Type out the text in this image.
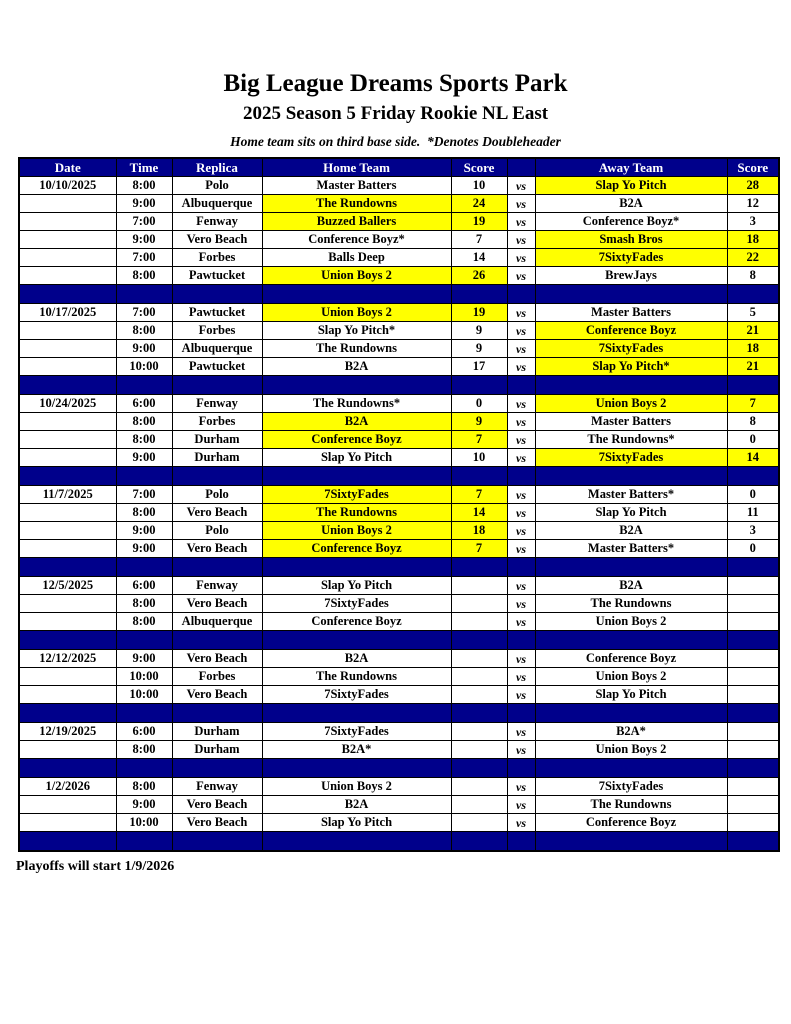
Big League Dreams Sports Park
2025 Season 5 Friday Rookie NL East
Home team sits on third base side.  *Denotes Doubleheader
Date	Time	Replica	Home Team	Score		Away Team	Score
10/10/2025	8:00	Polo	Master Batters	10	vs	Slap Yo Pitch	28
	9:00	Albuquerque	The Rundowns	24	vs	B2A	12
	7:00	Fenway	Buzzed Ballers	19	vs	Conference Boyz*	3
	9:00	Vero Beach	Conference Boyz*	7	vs	Smash Bros	18
	7:00	Forbes	Balls Deep	14	vs	7SixtyFades	22
	8:00	Pawtucket	Union Boys 2	26	vs	BrewJays	8

10/17/2025	7:00	Pawtucket	Union Boys 2	19	vs	Master Batters	5
	8:00	Forbes	Slap Yo Pitch*	9	vs	Conference Boyz	21
	9:00	Albuquerque	The Rundowns	9	vs	7SixtyFades	18
	10:00	Pawtucket	B2A	17	vs	Slap Yo Pitch*	21

10/24/2025	6:00	Fenway	The Rundowns*	0	vs	Union Boys 2	7
	8:00	Forbes	B2A	9	vs	Master Batters	8
	8:00	Durham	Conference Boyz	7	vs	The Rundowns*	0
	9:00	Durham	Slap Yo Pitch	10	vs	7SixtyFades	14

11/7/2025	7:00	Polo	7SixtyFades	7	vs	Master Batters*	0
	8:00	Vero Beach	The Rundowns	14	vs	Slap Yo Pitch	11
	9:00	Polo	Union Boys 2	18	vs	B2A	3
	9:00	Vero Beach	Conference Boyz	7	vs	Master Batters*	0

12/5/2025	6:00	Fenway	Slap Yo Pitch		vs	B2A	
	8:00	Vero Beach	7SixtyFades		vs	The Rundowns	
	8:00	Albuquerque	Conference Boyz		vs	Union Boys 2	

12/12/2025	9:00	Vero Beach	B2A		vs	Conference Boyz	
	10:00	Forbes	The Rundowns		vs	Union Boys 2	
	10:00	Vero Beach	7SixtyFades		vs	Slap Yo Pitch	

12/19/2025	6:00	Durham	7SixtyFades		vs	B2A*	
	8:00	Durham	B2A*		vs	Union Boys 2	

1/2/2026	8:00	Fenway	Union Boys 2		vs	7SixtyFades	
	9:00	Vero Beach	B2A		vs	The Rundowns	
	10:00	Vero Beach	Slap Yo Pitch		vs	Conference Boyz	

Playoffs will start 1/9/2026
